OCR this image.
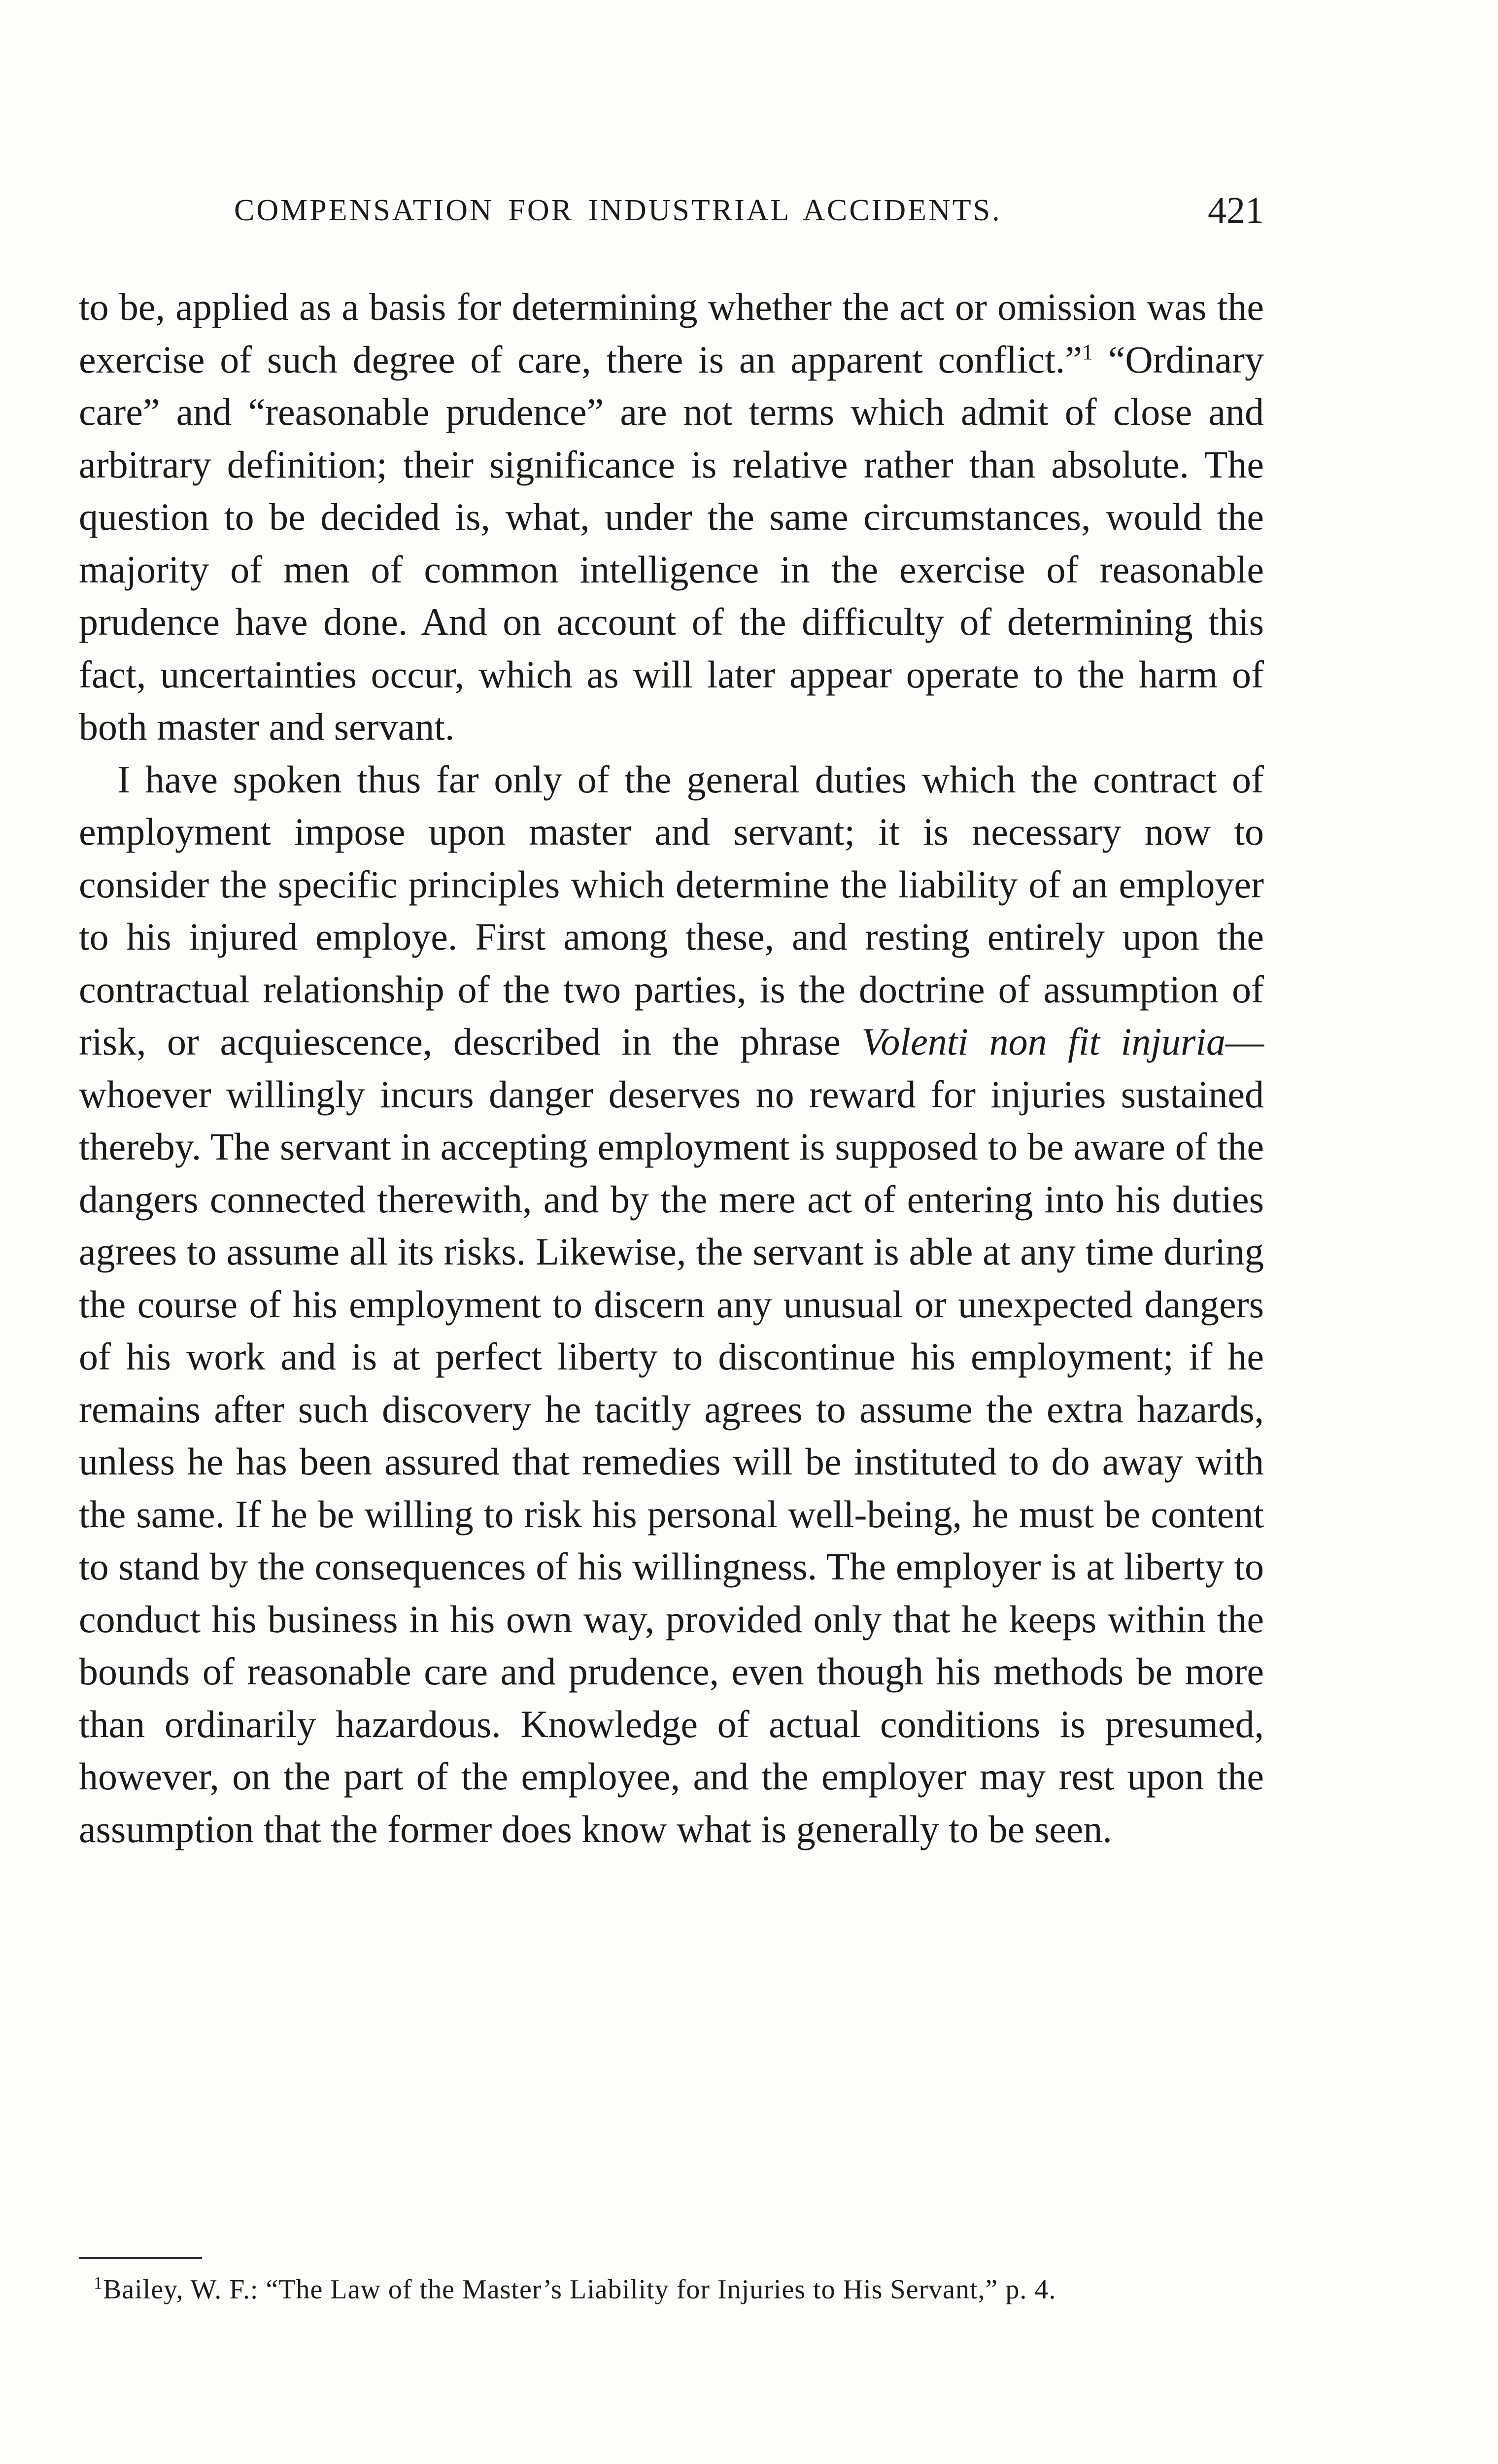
COMPENSATION FOR INDUSTRIAL ACCIDENTS.	421

to be, applied as a basis for determining whether the act or omission was the exercise of such degree of care, there is an apparent conflict.”$^1$ “Ordinary care” and “reasonable prudence” are not terms which admit of close and arbitrary definition; their significance is relative rather than absolute. The question to be decided is, what, under the same circumstances, would the majority of men of common intelligence in the exercise of reasonable prudence have done. And on account of the difficulty of determining this fact, uncertainties occur, which as will later appear operate to the harm of both master and servant.

I have spoken thus far only of the general duties which the contract of employment impose upon master and servant; it is necessary now to consider the specific principles which determine the liability of an employer to his injured employe. First among these, and resting entirely upon the contractual relationship of the two parties, is the doctrine of assumption of risk, or acquiescence, described in the phrase Volenti non fit injuria—whoever willingly incurs danger deserves no reward for injuries sustained thereby. The servant in accepting employment is supposed to be aware of the dangers connected therewith, and by the mere act of entering into his duties agrees to assume all its risks. Likewise, the servant is able at any time during the course of his employment to discern any unusual or unexpected dangers of his work and is at perfect liberty to discontinue his employment; if he remains after such discovery he tacitly agrees to assume the extra hazards, unless he has been assured that remedies will be instituted to do away with the same. If he be willing to risk his personal well-being, he must be content to stand by the consequences of his willingness. The employer is at liberty to conduct his business in his own way, provided only that he keeps within the bounds of reasonable care and prudence, even though his methods be more than ordinarily hazardous. Knowledge of actual conditions is presumed, however, on the part of the employee, and the employer may rest upon the assumption that the former does know what is generally to be seen.

$^1$Bailey, W. F.: “The Law of the Master’s Liability for Injuries to His Servant,” p. 4.
